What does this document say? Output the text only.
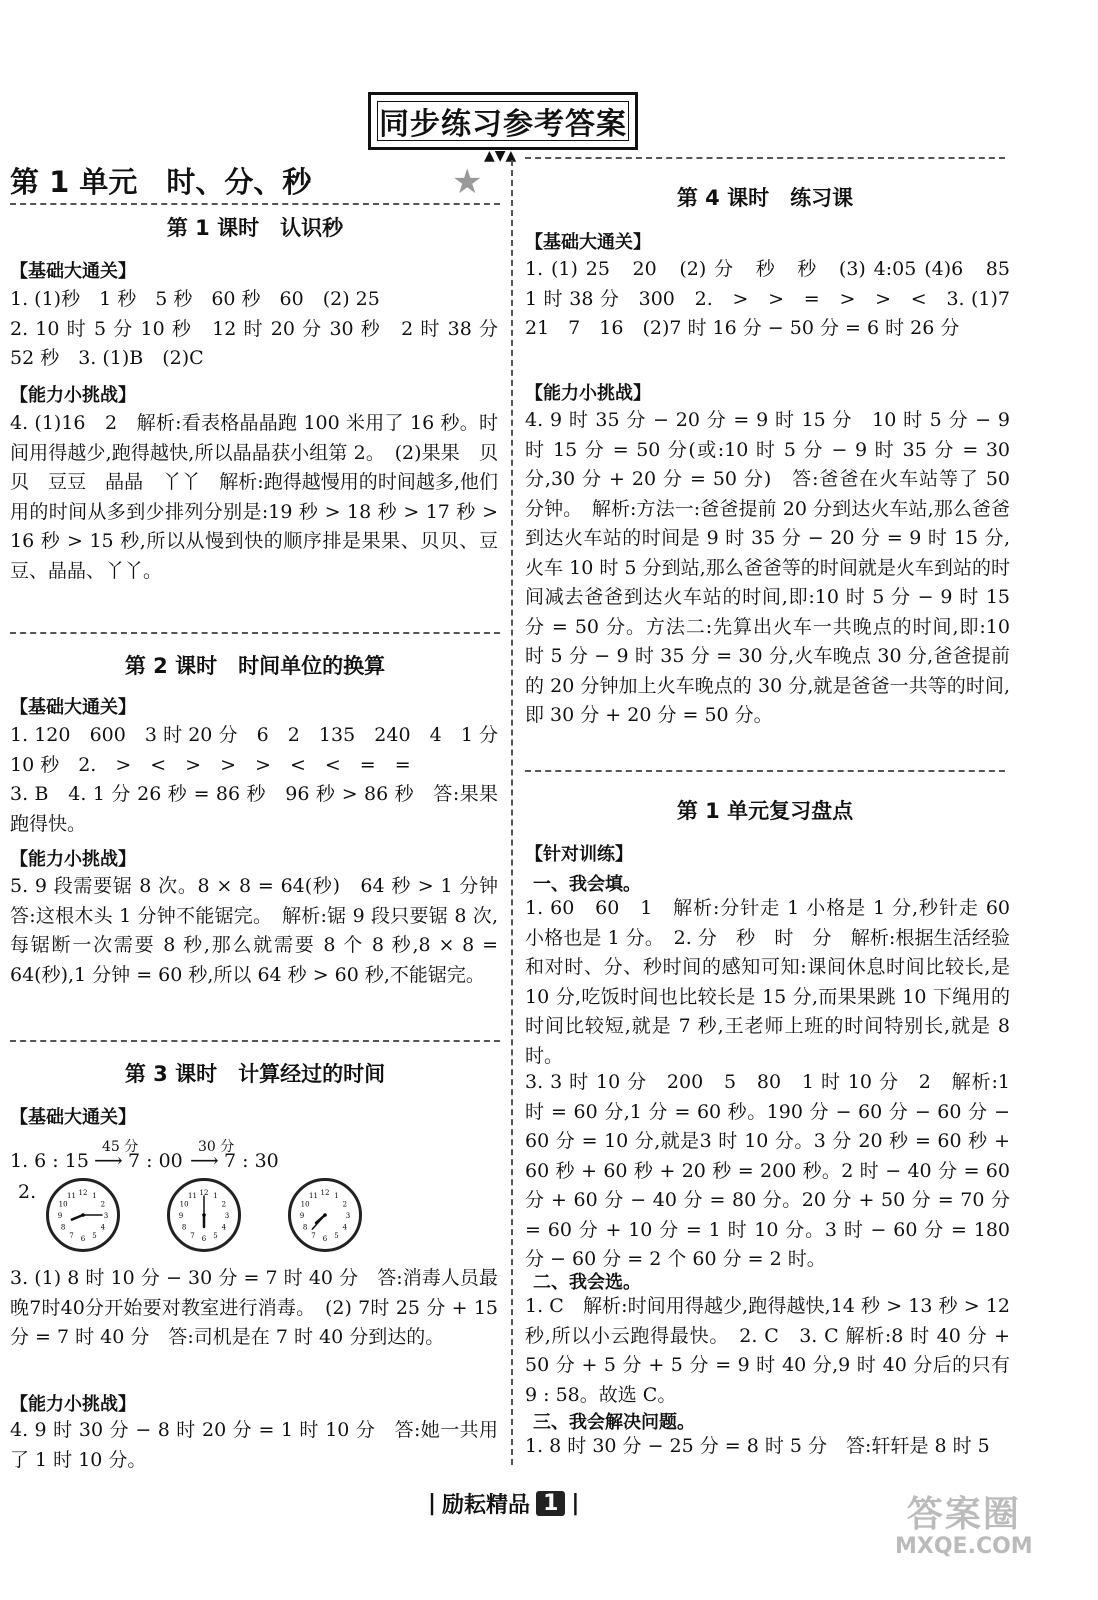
同步练习参考答案
▲▼▲
第 1 单元　时、分、秒	★
第 1 课时　认识秒
【基础大通关】

1. (1)秒　1 秒　5 秒　60 秒　60　(2) 25
2. 10 时 5 分 10 秒　12 时 20 分 30 秒　2 时 38 分 52 秒　3. (1)B　(2)C

【能力小挑战】

4. (1)16　2　解析:看表格晶晶跑 100 米用了 16 秒。时间用得越少,跑得越快,所以晶晶获小组第 2。　(2)果果　贝贝　豆豆　晶晶　丫丫　解析:跑得越慢用的时间越多,他们用的时间从多到少排列分别是:19 秒 > 18 秒 > 17 秒 > 16 秒 > 15 秒,所以从慢到快的顺序排是果果、贝贝、豆豆、晶晶、丫丫。

第 2 课时　时间单位的换算
【基础大通关】

1. 120　600　3 时 20 分　6　2　135　240　4　1 分 10 秒　2.　>　<　>　>　>　<　<　=　=
3. B　4. 1 分 26 秒 = 86 秒　96 秒 > 86 秒　答:果果跑得快。

【能力小挑战】

5. 9 段需要锯 8 次。8 × 8 = 64(秒)　64 秒 > 1 分钟　答:这根木头 1 分钟不能锯完。　解析:锯 9 段只要锯 8 次,每锯断一次需要 8 秒,那么就需要 8 个 8 秒,8 × 8 = 64(秒),1 分钟 = 60 秒,所以 64 秒 > 60 秒,不能锯完。

第 3 课时　计算经过的时间
【基础大通关】
1. 6 : 15
45 分
⟶ 7 : 00
30 分
⟶ 7 : 30
2.	1
2
3
4
5
6
7
8
9
10
11 12	1
2
3
4
5
6
7
8
9
10
11 12	1
2
3
4
5
6
7
8
9
10
11 12

3. (1) 8 时 10 分 − 30 分 = 7 时 40 分　答:消毒人员最晚7时40分开始要对教室进行消毒。　(2) 7时 25 分 + 15 分 = 7 时 40 分　答:司机是在 7 时 40 分到达的。

【能力小挑战】

4. 9 时 30 分 − 8 时 20 分 = 1 时 10 分　答:她一共用了 1 时 10 分。

第 4 课时　练习课
【基础大通关】

1. (1) 25　20　(2) 分　秒　秒　(3) 4:05 (4)6　85　1 时 38 分　300　2.　>　>　=　>　>　<　3. (1)7　21　7　16　(2)7 时 16 分 − 50 分 = 6 时 26 分

【能力小挑战】

4. 9 时 35 分 − 20 分 = 9 时 15 分　10 时 5 分 − 9 时 15 分 = 50 分(或:10 时 5 分 − 9 时 35 分 = 30 分,30 分 + 20 分 = 50 分)　答:爸爸在火车站等了 50 分钟。　解析:方法一:爸爸提前 20 分到达火车站,那么爸爸到达火车站的时间是 9 时 35 分 − 20 分 = 9 时 15 分,火车 10 时 5 分到站,那么爸爸等的时间就是火车到站的时间减去爸爸到达火车站的时间,即:10 时 5 分 − 9 时 15 分 = 50 分。方法二:先算出火车一共晚点的时间,即:10 时 5 分 − 9 时 35 分 = 30 分,火车晚点 30 分,爸爸提前的 20 分钟加上火车晚点的 30 分,就是爸爸一共等的时间,即 30 分 + 20 分 = 50 分。

第 1 单元复习盘点
【针对训练】
一、我会填。

1. 60　60　1　解析:分针走 1 小格是 1 分,秒针走 60 小格也是 1 分。　2. 分　秒　时　分　解析:根据生活经验和对时、分、秒时间的感知可知:课间休息时间比较长,是 10 分,吃饭时间也比较长是 15 分,而果果跳 10 下绳用的时间比较短,就是 7 秒,王老师上班的时间特别长,就是 8 时。

3. 3 时 10 分　200　5　80　1 时 10 分　2　解析:1 时 = 60 分,1 分 = 60 秒。190 分 − 60 分 − 60 分 − 60 分 = 10 分,就是3 时 10 分。3 分 20 秒 = 60 秒 + 60 秒 + 60 秒 + 20 秒 = 200 秒。2 时 − 40 分 = 60 分 + 60 分 − 40 分 = 80 分。20 分 + 50 分 = 70 分 = 60 分 + 10 分 = 1 时 10 分。3 时 − 60 分 = 180 分 − 60 分 = 2 个 60 分 = 2 时。

二、我会选。

1. C　解析:时间用得越少,跑得越快,14 秒 > 13 秒 > 12 秒,所以小云跑得最快。　2. C　3. C 解析:8 时 40 分 + 50 分 + 5 分 + 5 分 = 9 时 40 分,9 时 40 分后的只有 9 : 58。故选 C。

三、我会解决问题。

1. 8 时 30 分 − 25 分 = 8 时 5 分　答:轩轩是 8 时 5

| 励耘精品 1 |	答案圈
MXQE.COM
